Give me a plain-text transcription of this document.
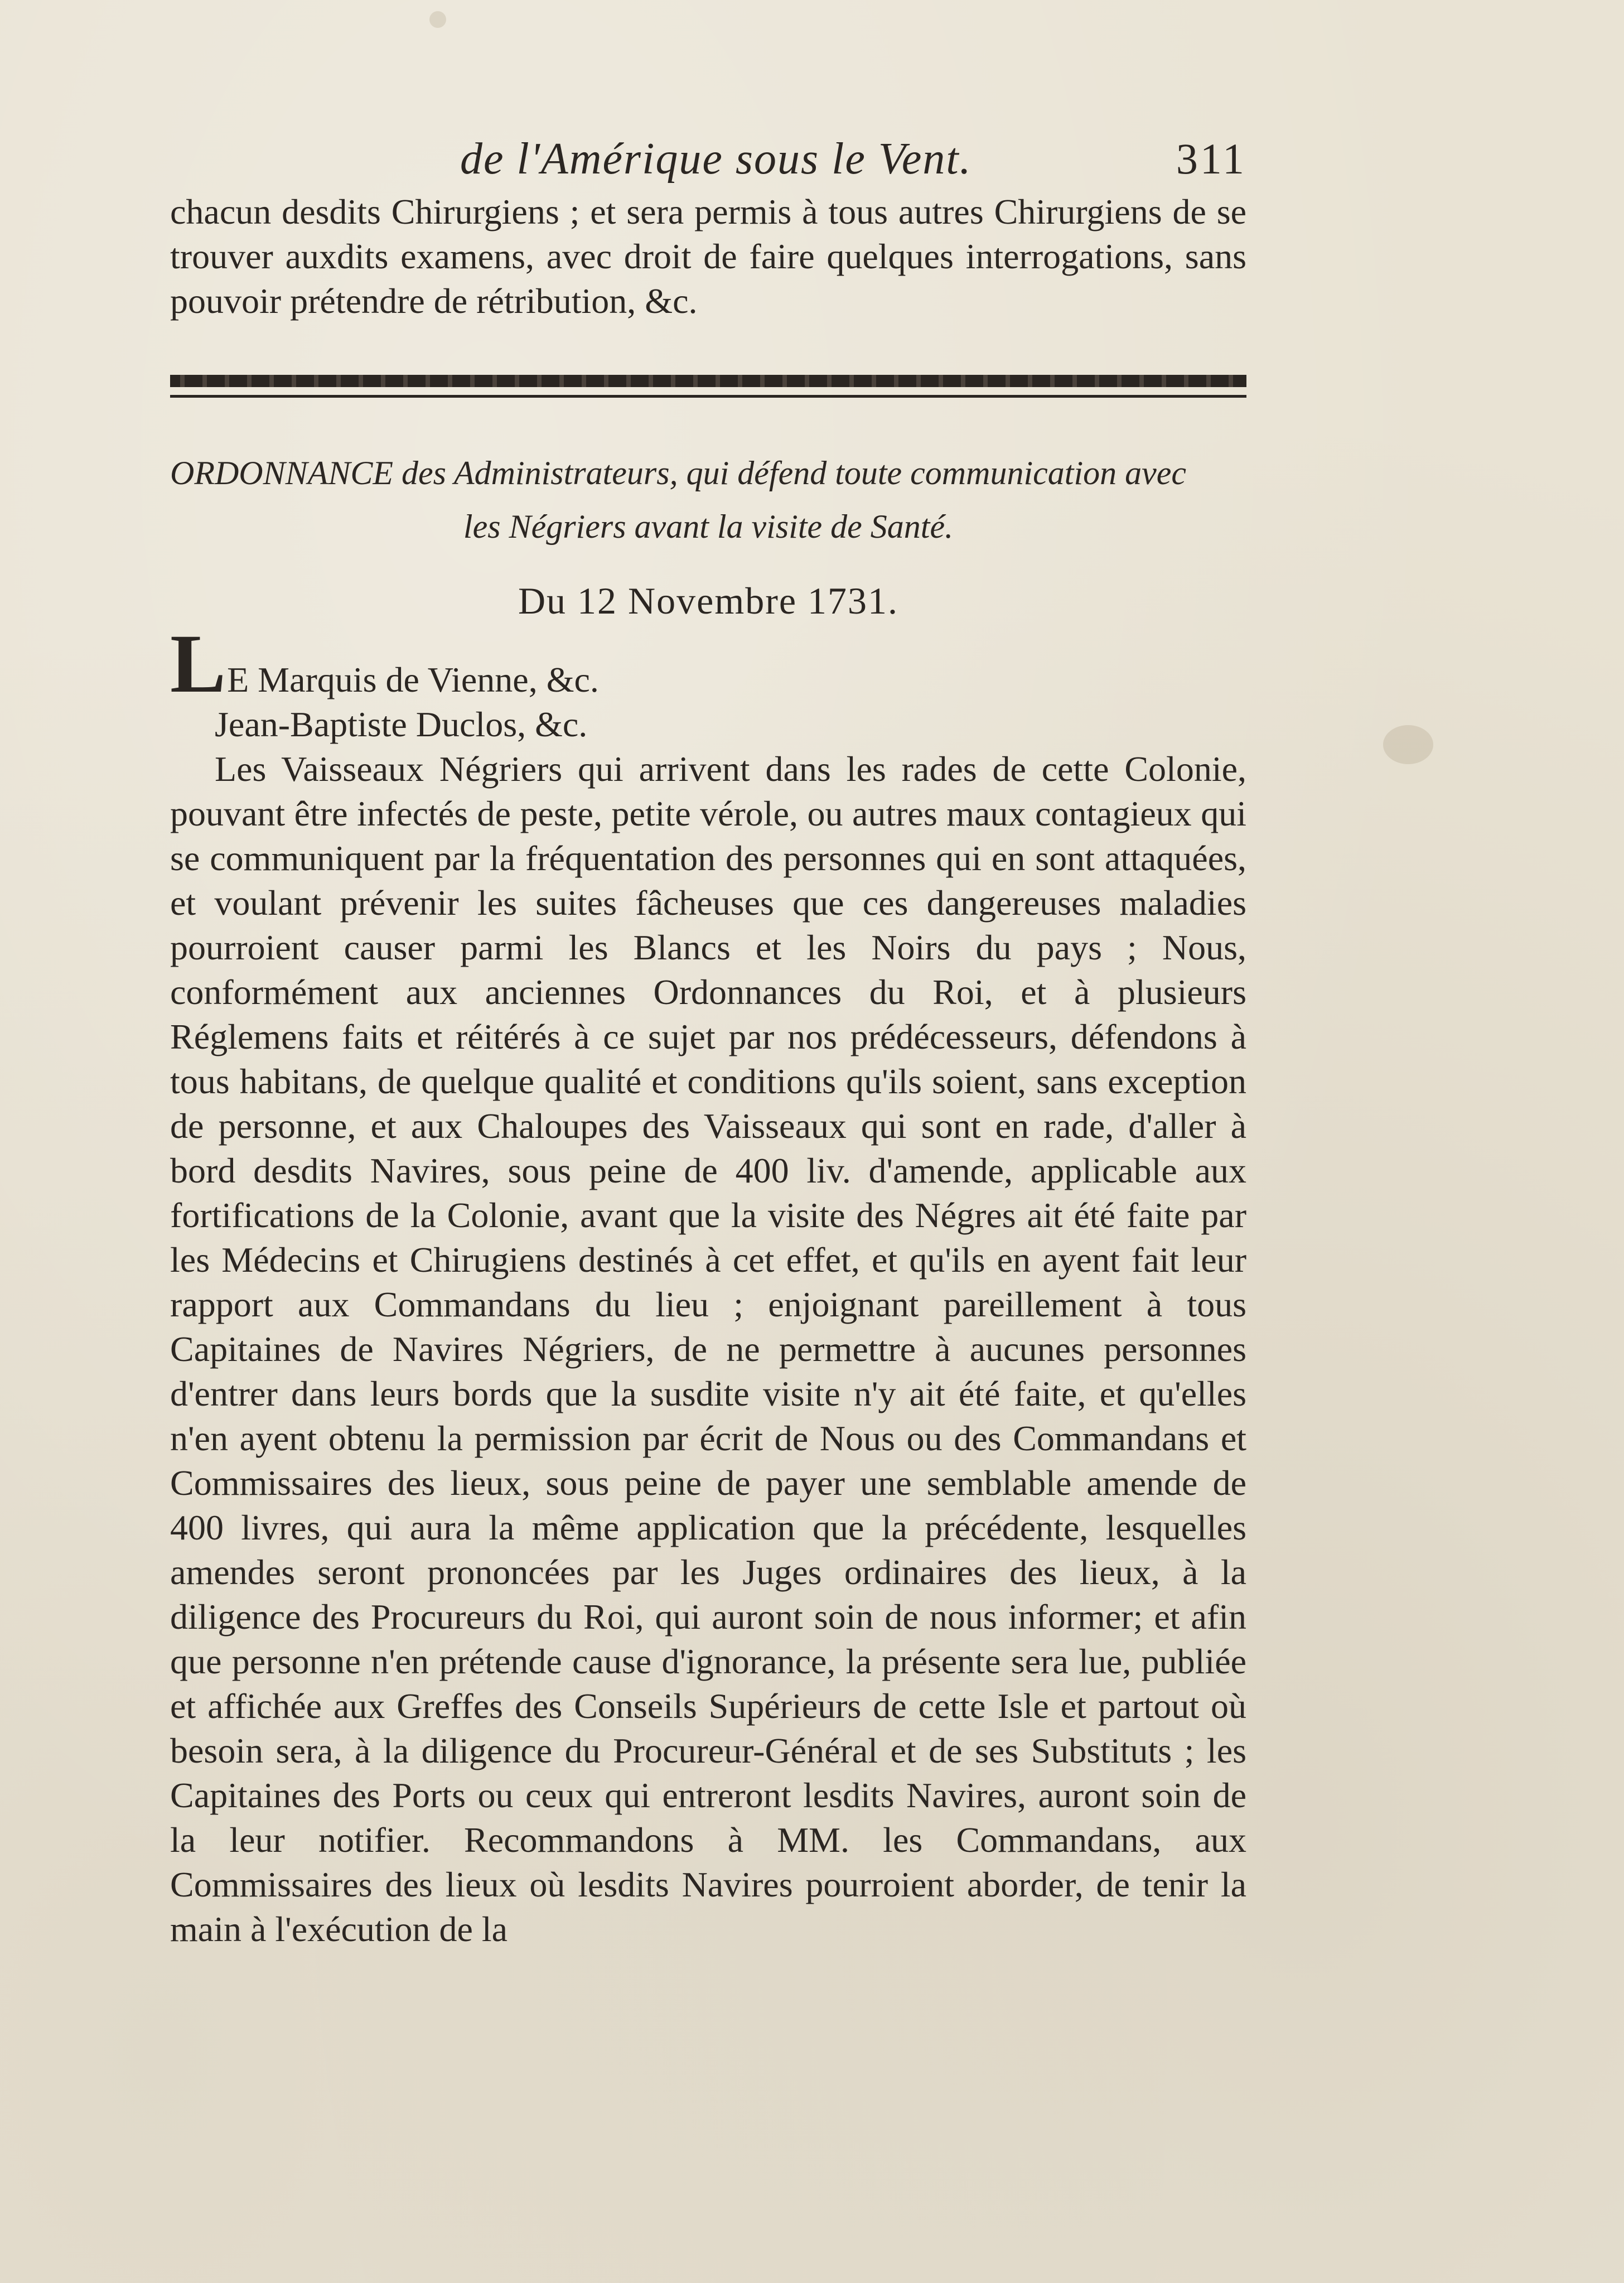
de l'Amérique sous le Vent.	311

chacun desdits Chirurgiens ; et sera permis à tous autres Chirurgiens de se trouver auxdits examens, avec droit de faire quelques interrogations, sans pouvoir prétendre de rétribution, &c.

ORDONNANCE des Administrateurs, qui défend toute communication avec
les Négriers avant la visite de Santé.
Du 12 Novembre 1731.
LE Marquis de Vienne, &c.
Jean-Baptiste Duclos, &c.

Les Vaisseaux Négriers qui arrivent dans les rades de cette Colonie, pouvant être infectés de peste, petite vérole, ou autres maux contagieux qui se communiquent par la fréquentation des personnes qui en sont attaquées, et voulant prévenir les suites fâcheuses que ces dangereuses maladies pourroient causer parmi les Blancs et les Noirs du pays ; Nous, conformément aux anciennes Ordonnances du Roi, et à plusieurs Réglemens faits et réitérés à ce sujet par nos prédécesseurs, défendons à tous habitans, de quelque qualité et conditions qu'ils soient, sans exception de personne, et aux Chaloupes des Vaisseaux qui sont en rade, d'aller à bord desdits Navires, sous peine de 400 liv. d'amende, applicable aux fortifications de la Colonie, avant que la visite des Négres ait été faite par les Médecins et Chirugiens destinés à cet effet, et qu'ils en ayent fait leur rapport aux Commandans du lieu ; enjoignant pareillement à tous Capitaines de Navires Négriers, de ne permettre à aucunes personnes d'entrer dans leurs bords que la susdite visite n'y ait été faite, et qu'elles n'en ayent obtenu la permission par écrit de Nous ou des Commandans et Commissaires des lieux, sous peine de payer une semblable amende de 400 livres, qui aura la même application que la précédente, lesquelles amendes seront prononcées par les Juges ordinaires des lieux, à la diligence des Procureurs du Roi, qui auront soin de nous informer; et afin que personne n'en prétende cause d'ignorance, la présente sera lue, publiée et affichée aux Greffes des Conseils Supérieurs de cette Isle et partout où besoin sera, à la diligence du Procureur-Général et de ses Substituts ; les Capitaines des Ports ou ceux qui entreront lesdits Navires, auront soin de la leur notifier. Recommandons à MM. les Commandans, aux Commissaires des lieux où lesdits Navires pourroient aborder, de tenir la main à l'exécution de la
